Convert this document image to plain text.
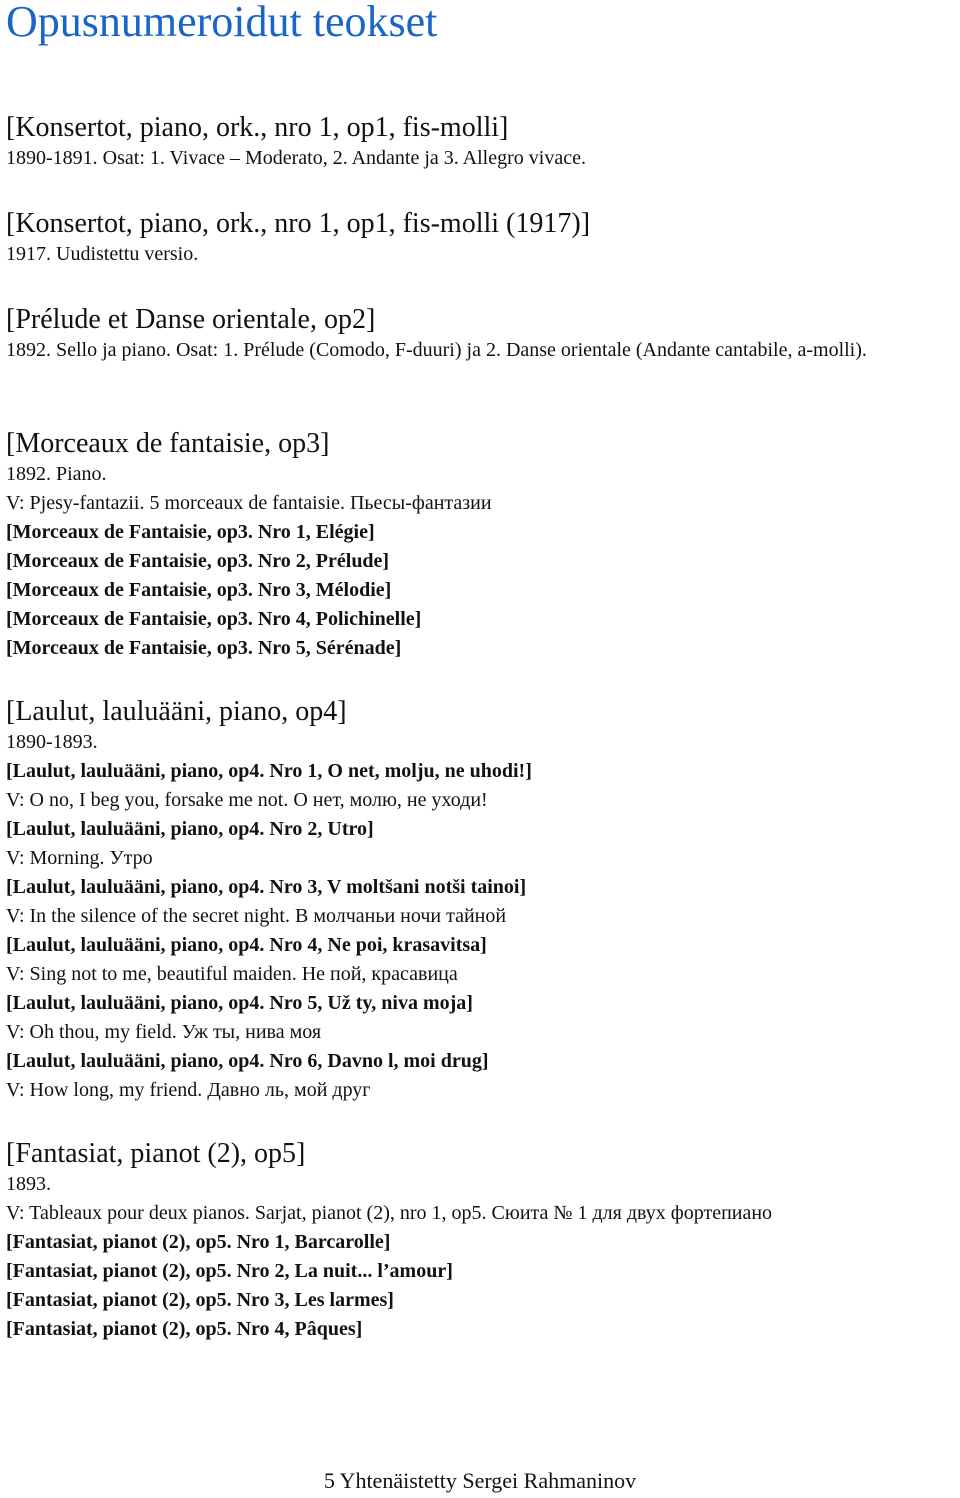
Opusnumeroidut teokset
[Konsertot, piano, ork., nro 1, op1, fis-molli]

1890-1891. Osat: 1. Vivace – Moderato, 2. Andante ja 3. Allegro vivace.

[Konsertot, piano, ork., nro 1, op1, fis-molli (1917)]

1917. Uudistettu versio.

[Prélude et Danse orientale, op2]

1892. Sello ja piano. Osat: 1. Prélude (Comodo, F-duuri) ja 2. Danse orientale (Andante cantabile, a-molli).

[Morceaux de fantaisie, op3]

1892. Piano.

V: Pjesy-fantazii. 5 morceaux de fantaisie. Пьесы-фантазии

[Morceaux de Fantaisie, op3. Nro 1, Elégie]

[Morceaux de Fantaisie, op3. Nro 2, Prélude]

[Morceaux de Fantaisie, op3. Nro 3, Mélodie]

[Morceaux de Fantaisie, op3. Nro 4, Polichinelle]

[Morceaux de Fantaisie, op3. Nro 5, Sérénade]

[Laulut, lauluääni, piano, op4]

1890-1893.

[Laulut, lauluääni, piano, op4. Nro 1, O net, molju, ne uhodi!]

V: O no, I beg you, forsake me not. О нет, молю, не уходи!

[Laulut, lauluääni, piano, op4. Nro 2, Utro]

V: Morning. Утро

[Laulut, lauluääni, piano, op4. Nro 3, V moltšani notši tainoi]

V: In the silence of the secret night. В молчаньи ночи тайной

[Laulut, lauluääni, piano, op4. Nro 4, Ne poi, krasavitsa]

V: Sing not to me, beautiful maiden. Не пой, красавица

[Laulut, lauluääni, piano, op4. Nro 5, Už ty, niva moja]

V: Oh thou, my field. Уж ты, нива моя

[Laulut, lauluääni, piano, op4. Nro 6, Davno l, moi drug]

V: How long, my friend. Давно ль, мой друг

[Fantasiat, pianot (2), op5]

1893.

V: Tableaux pour deux pianos. Sarjat, pianot (2), nro 1, op5. Сюита № 1 для двух фортепиано

[Fantasiat, pianot (2), op5. Nro 1, Barcarolle]

[Fantasiat, pianot (2), op5. Nro 2, La nuit... l’amour]

[Fantasiat, pianot (2), op5. Nro 3, Les larmes]

[Fantasiat, pianot (2), op5. Nro 4, Pâques]

5 Yhtenäistetty Sergei Rahmaninov
